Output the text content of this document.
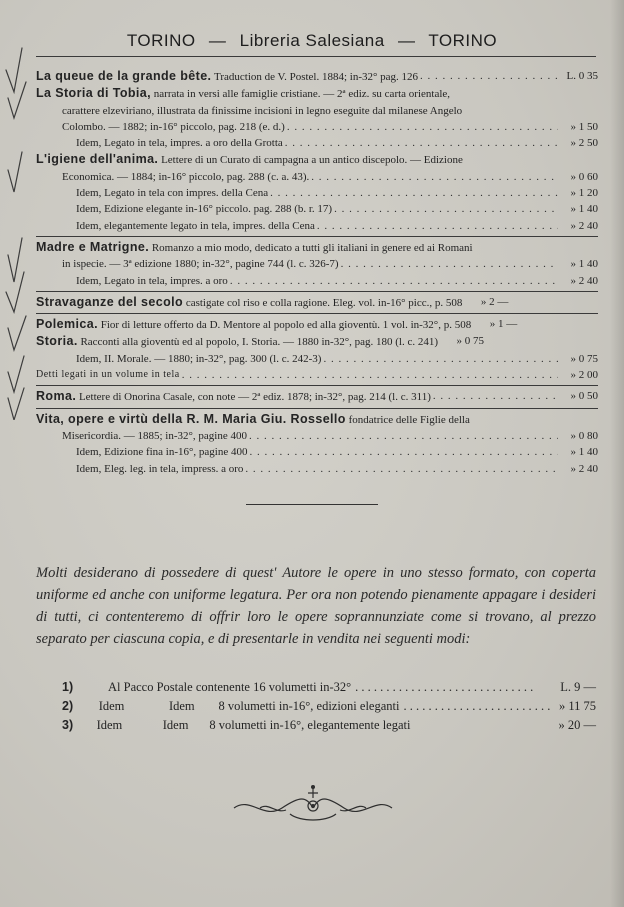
TORINO — Libreria Salesiana — TORINO
La queue de la grande bête. Traduction de V. Postel. 1884; in-32° pag. 126 . . .	L. 0 35
La Storia di Tobia, narrata in versi alle famiglie cristiane. — 2ª ediz. su carta orientale,
carattere elzeviriano, illustrata da finissime incisioni in legno eseguite dal milanese Angelo
Colombo. — 1882; in-16° piccolo, pag. 218 (e. d.) . . .	» 1 50
Idem, Legato in tela, impres. a oro della Grotta . . .	» 2 50
L'igiene dell'anima. Lettere di un Curato di campagna a un antico discepolo. — Edizione
Economica. — 1884; in-16° piccolo, pag. 288 (c. a. 43). . . .	» 0 60
Idem, Legato in tela con impres. della Cena . . .	» 1 20
Idem, Edizione elegante in-16° piccolo. pag. 288 (b. r. 17) . . .	» 1 40
Idem, elegantemente legato in tela, impres. della Cena . . .	» 2 40
Madre e Matrigne. Romanzo a mio modo, dedicato a tutti gli italiani in genere ed ai Romani
in ispecie. — 3ª edizione 1880; in-32°, pagine 744 (l. c. 326-7) . . .	» 1 40
Idem, Legato in tela, impres. a oro . . .	» 2 40
Stravaganze del secolo castigate col riso e colla ragione. Eleg. vol. in-16° picc., p. 508	» 2 —
Polemica. Fior di letture offerto da D. Mentore al popolo ed alla gioventù. 1 vol. in-32°, p. 508	» 1 —
Storia. Racconti alla gioventù ed al popolo, I. Storia. — 1880 in-32°, pag. 180 (l. c. 241)	» 0 75
Idem, II. Morale. — 1880; in-32°, pag. 300 (l. c. 242-3) . . .	» 0 75
Detti legati in un volume in tela . . .	» 2 00
Roma. Lettere di Onorina Casale, con note — 2ª ediz. 1878; in-32°, pag. 214 (l. c. 311) . . .	» 0 50
Vita, opere e virtù della R. M. Maria Giu. Rossello fondatrice delle Figlie della
Misericordia. — 1885; in-32°, pagine 400 . . .	» 0 80
Idem, Edizione fina in-16°, pagine 400 . . .	» 1 40
Idem, Eleg. leg. in tela, impress. a oro . . .	» 2 40
Molti desiderano di possedere di quest' Autore le opere in uno stesso formato, con coperta uniforme ed anche con uniforme legatura. Per ora non potendo pienamente appagare i desideri di tutti, ci contenteremo di offrir loro le opere soprannunziate come si trovano, al prezzo separato per ciascuna copia, e di presentarle in vendita nei seguenti modi:
1)	Al Pacco Postale contenente 16 volumetti in-32° . . .	L. 9 —
2)	Idem	Idem	8 volumetti in-16°, edizioni eleganti . . .	» 11 75
3)	Idem	Idem	8 volumetti in-16°, elegantemente legati	» 20 —
